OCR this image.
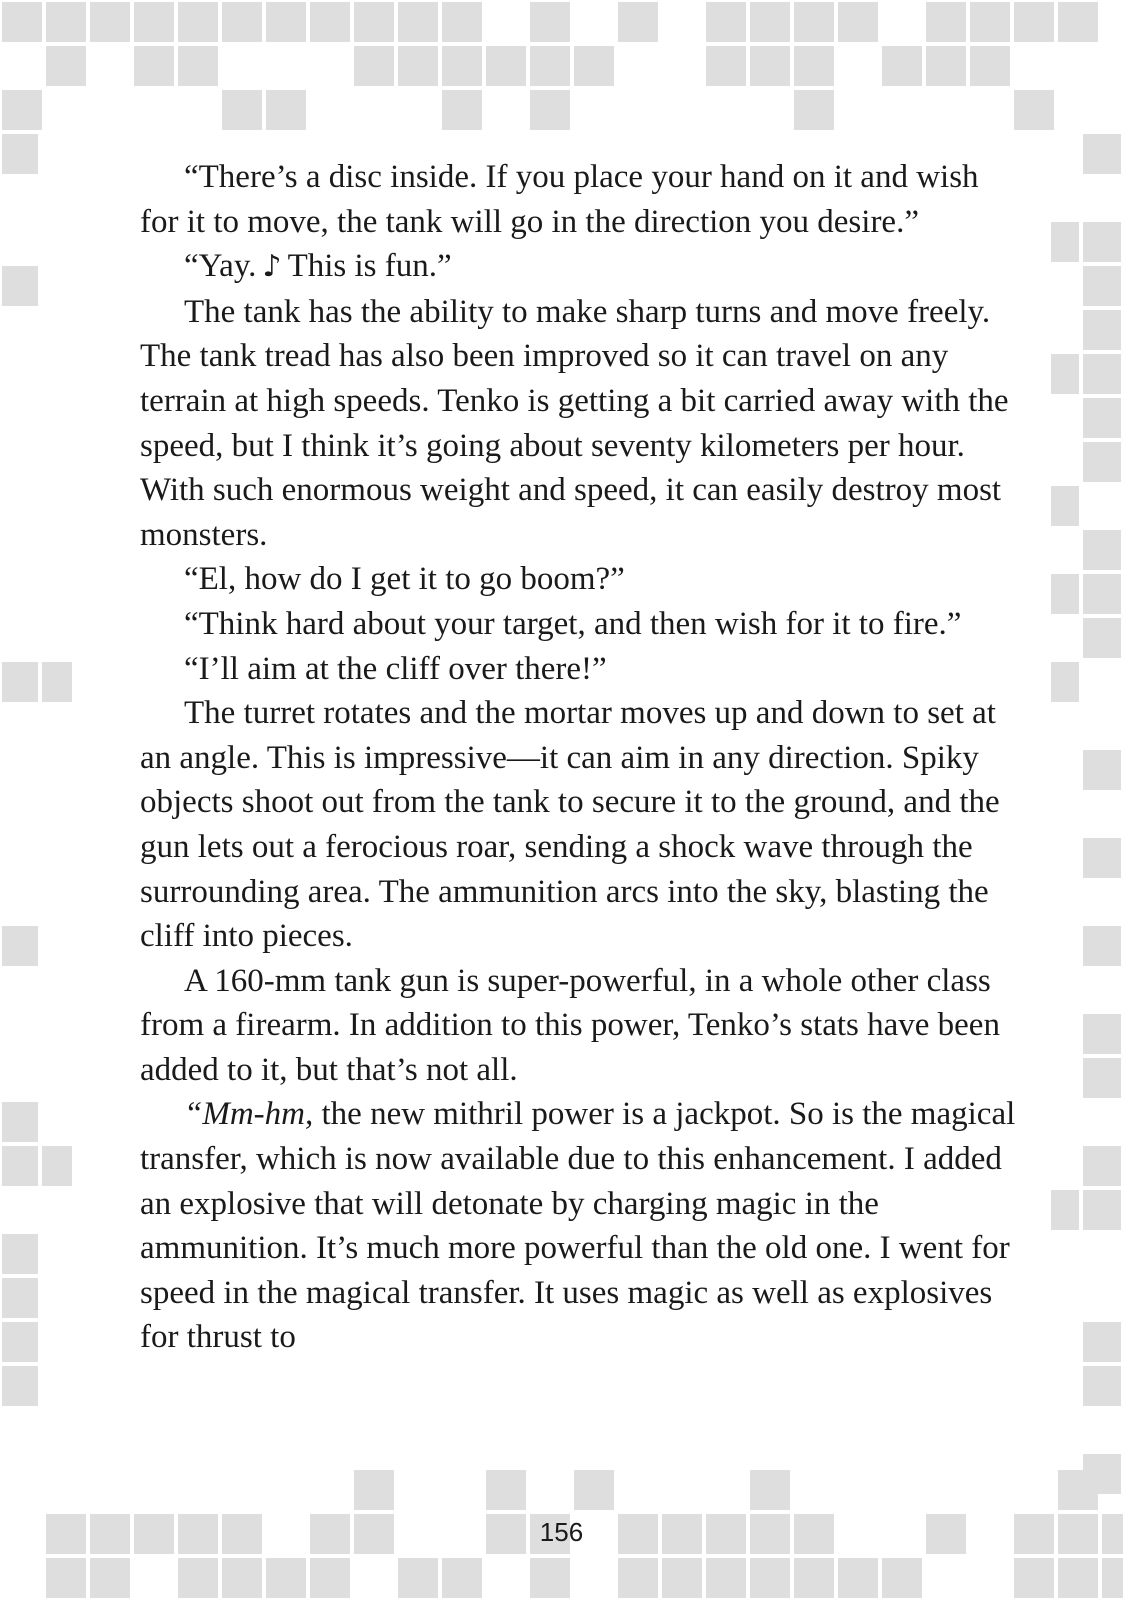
“There’s a disc inside. If you place your hand on it and wish for it to move, the tank will go in the direction you desire.”

“Yay. ♪ This is fun.”

The tank has the ability to make sharp turns and move freely. The tank tread has also been improved so it can travel on any terrain at high speeds. Tenko is getting a bit carried away with the speed, but I think it’s going about seventy kilometers per hour. With such enormous weight and speed, it can easily destroy most monsters.

“El, how do I get it to go boom?”

“Think hard about your target, and then wish for it to fire.”

“I’ll aim at the cliff over there!”

The turret rotates and the mortar moves up and down to set at an angle. This is impressive—it can aim in any direction. Spiky objects shoot out from the tank to secure it to the ground, and the gun lets out a ferocious roar, sending a shock wave through the surrounding area. The ammunition arcs into the sky, blasting the cliff into pieces.

A 160-mm tank gun is super-powerful, in a whole other class from a firearm. In addition to this power, Tenko’s stats have been added to it, but that’s not all.

“Mm-hm, the new mithril power is a jackpot. So is the magical transfer, which is now available due to this enhancement. I added an explosive that will detonate by charging magic in the ammunition. It’s much more powerful than the old one. I went for speed in the magical transfer. It uses magic as well as explosives for thrust to

156
